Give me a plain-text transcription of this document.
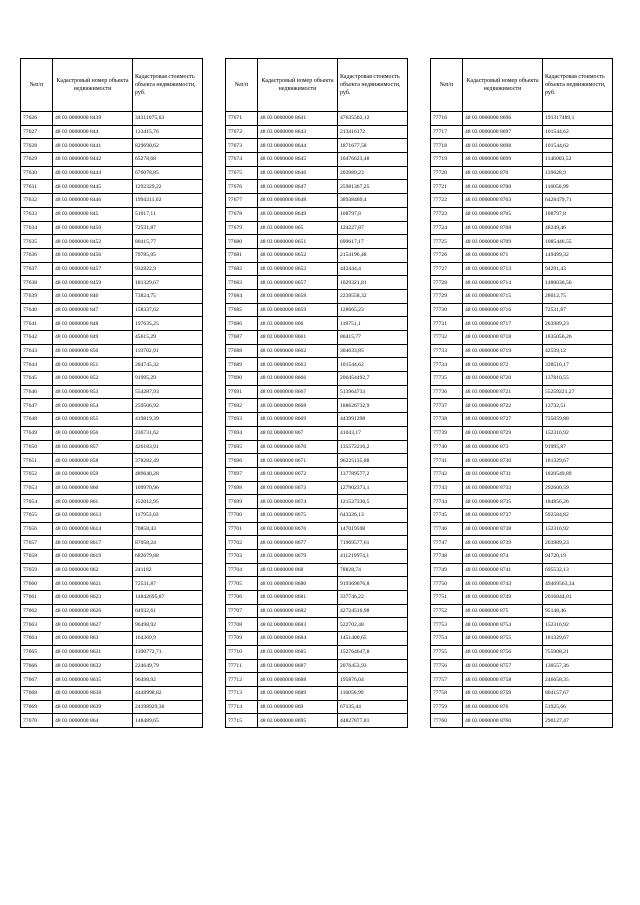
№п/п	Кадастровый номер объекта недвижимости	Кадастровая стоимость объекта недвижимости, руб.
77626	48 03 0000000 8439	34311075,63
77627	48 03 0000000 844	133415,76
77628	48 03 0000000 8441	829690,62
77629	48 03 0000000 8442	65278,68
77630	48 03 0000000 8444	676078,85
77631	48 03 0000000 8445	1292329,22
77632	48 03 0000000 8446	1994311,02
77633	48 03 0000000 845	51017,11
77634	48 03 0000000 8450	72531,87
77635	48 03 0000000 8452	80415,77
77636	48 03 0000000 8456	79785,05
77637	48 03 0000000 8457	932822,9
77638	48 03 0000000 8459	181329,67
77639	48 03 0000000 846	73824,75
77640	48 03 0000000 847	158337,62
77641	48 03 0000000 848	197635,25
77642	48 03 0000000 849	45615,29
77643	48 03 0000000 850	119702,91
77644	48 03 0000000 851	284745,32
77645	48 03 0000000 852	91995,29
77646	48 03 0000000 853	554287,93
77647	48 03 0000000 854	259506,92
77648	48 03 0000000 855	419819,39
77649	48 03 0000000 856	236731,62
77650	48 03 0000000 857	426183,91
77651	48 03 0000000 858	378282,49
77652	48 03 0000000 859	489640,28
77653	48 03 0000000 860	109970,96
77654	48 03 0000000 861	152012,95
77655	48 03 0000000 8613	117953,03
77656	48 03 0000000 8614	70858,43
77657	48 03 0000000 8617	87058,24
77658	48 03 0000000 8619	682679,88
77659	48 03 0000000 862	241182
77660	48 03 0000000 8621	72531,87
77661	48 03 0000000 8623	14842695,87
77662	48 03 0000000 8626	64932,61
77663	48 03 0000000 8627	96498,92
77664	48 03 0000000 863	164369,9
77665	48 03 0000000 8631	1390772,71
77666	48 03 0000000 8632	224649,79
77667	48 03 0000000 8635	96498,92
77668	48 03 0000000 8638	4448998,82
77669	48 03 0000000 8639	24198929,36
77670	48 03 0000000 864	148489,65
№п/п	Кадастровый номер объекта недвижимости	Кадастровая стоимость объекта недвижимости, руб.
77671	48 03 0000000 8641	47635502,12
77672	48 03 0000000 8643	213416172
77673	48 03 0000000 8644	1871677,58
77674	48 03 0000000 8645	10476623,48
77675	48 03 0000000 8646	203989,23
77676	48 03 0000000 8647	25981367,25
77677	48 03 0000000 8648	38938469,4
77678	48 03 0000000 8649	108797,8
77679	48 03 0000000 865	124227,87
77680	48 03 0000000 8651	699617,17
77681	48 03 0000000 8652	2154196,48
77682	48 03 0000000 8653	442444,4
77683	48 03 0000000 8657	1029321,81
77684	48 03 0000000 8658	2239558,32
77685	48 03 0000000 8659	128665,23
77686	48 03 0000000 866	119751,1
77687	48 03 0000000 8661	80415,77
77688	48 03 0000000 8662	304633,85
77689	48 03 0000000 8663	101544,62
77690	48 03 0000000 8666	206454492,7
77691	48 03 0000000 8667	513964733
77692	48 03 0000000 8668	188626732,9
77693	48 03 0000000 8669	443991298
77694	48 03 0000000 867	41043,17
77695	48 03 0000000 8670	135572216,2
77696	48 03 0000000 8671	96225135,88
77697	48 03 0000000 8672	137789577,2
77698	48 03 0000000 8673	127902373,1
77699	48 03 0000000 8674	121527330,5
77700	48 03 0000000 8675	643326,13
77701	48 03 0000000 8676	147019598
77702	48 03 0000000 8677	71969577,61
77703	48 03 0000000 8679	411219974,1
77704	48 03 0000000 868	78828,74
77705	48 03 0000000 8680	919369076,8
77706	48 03 0000000 8681	337746,22
77707	48 03 0000000 8682	42724516,98
77708	48 03 0000000 8683	522702,48
77709	48 03 0000000 8684	1451400,65
77710	48 03 0000000 8685	152764647,8
77711	48 03 0000000 8687	2076453,93
77712	48 03 0000000 8688	195876,04
77713	48 03 0000000 8689	116050,99
77714	48 03 0000000 869	67135,44
77715	48 03 0000000 8695	44827877,81
№п/п	Кадастровый номер объекта недвижимости	Кадастровая стоимость объекта недвижимости, руб.
77716	48 03 0000000 8696	191317489,1
77717	48 03 0000000 8697	101544,62
77718	48 03 0000000 8698	101544,62
77719	48 03 0000000 8699	1146003,52
77720	48 03 0000000 870	139628,9
77721	48 03 0000000 8700	116050,99
77722	48 03 0000000 8703	6428479,71
77723	48 03 0000000 8705	108797,8
77724	48 03 0000000 8708	48249,46
77725	48 03 0000000 8709	1085446,55
77726	48 03 0000000 871	149499,32
77727	48 03 0000000 8713	94291,43
77728	48 03 0000000 8714	1480030,56
77729	48 03 0000000 8715	28012,75
77730	48 03 0000000 8716	72531,87
77731	48 03 0000000 8717	203989,23
77732	48 03 0000000 8718	1835056,26
77733	48 03 0000000 8719	42539,12
77734	48 03 0000000 872	338516,17
77735	48 03 0000000 8720	137810,55
77736	48 03 0000000 8721	55259221,27
77737	48 03 0000000 8722	13732,51
77738	48 03 0000000 8727	735059,88
77739	48 03 0000000 8729	152316,92
77740	48 03 0000000 873	91995,87
77741	48 03 0000000 8730	181329,67
77742	48 03 0000000 8731	1820549,89
77743	48 03 0000000 8733	292600,59
77744	48 03 0000000 8735	184856,26
77745	48 03 0000000 8737	592584,82
77746	48 03 0000000 8738	152316,92
77747	48 03 0000000 8739	203989,23
77748	48 03 0000000 874	94720,19
77749	48 03 0000000 8741	695532,13
77750	48 03 0000000 8743	49469563,34
77751	48 03 0000000 8749	2016844,01
77752	48 03 0000000 875	95148,46
77753	48 03 0000000 8754	152316,92
77754	48 03 0000000 8755	181329,67
77755	48 03 0000000 8756	755908,21
77756	48 03 0000000 8757	130557,36
77757	48 03 0000000 8758	246658,35
77758	48 03 0000000 8759	804157,67
77759	48 03 0000000 876	51925,66
77760	48 03 0000000 8760	290127,47
